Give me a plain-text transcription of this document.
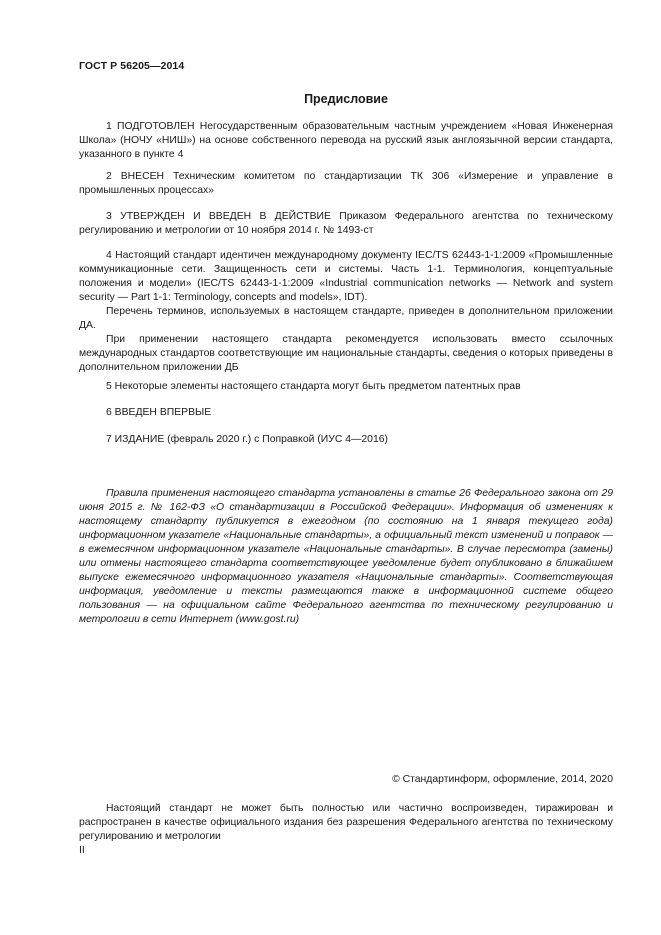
ГОСТ Р 56205—2014
Предисловие

1 ПОДГОТОВЛЕН Негосударственным образовательным частным учреждением «Новая Инженерная Школа» (НОЧУ «НИШ») на основе собственного перевода на русский язык англоязычной версии стандарта, указанного в пункте 4

2 ВНЕСЕН Техническим комитетом по стандартизации ТК 306 «Измерение и управление в промышленных процессах»

3 УТВЕРЖДЕН И ВВЕДЕН В ДЕЙСТВИЕ Приказом Федерального агентства по техническому регулированию и метрологии от 10 ноября 2014 г. № 1493-ст

4 Настоящий стандарт идентичен международному документу IEC/TS 62443-1-1:2009 «Промышленные коммуникационные сети. Защищенность сети и системы. Часть 1-1. Терминология, концептуальные положения и модели» (IEC/TS 62443-1-1:2009 «Industrial communication networks — Network and system security — Part 1-1: Terminology, concepts and models», IDT).

Перечень терминов, используемых в настоящем стандарте, приведен в дополнительном приложении ДА.

При применении настоящего стандарта рекомендуется использовать вместо ссылочных международных стандартов соответствующие им национальные стандарты, сведения о которых приведены в дополнительном приложении ДБ

5 Некоторые элементы настоящего стандарта могут быть предметом патентных прав

6 ВВЕДЕН ВПЕРВЫЕ

7 ИЗДАНИЕ (февраль 2020 г.) с Поправкой (ИУС 4—2016)

Правила применения настоящего стандарта установлены в статье 26 Федерального закона от 29 июня 2015 г. № 162-ФЗ «О стандартизации в Российской Федерации». Информация об изменениях к настоящему стандарту публикуется в ежегодном (по состоянию на 1 января текущего года) информационном указателе «Национальные стандарты», а официальный текст изменений и поправок — в ежемесячном информационном указателе «Национальные стандарты». В случае пересмотра (замены) или отмены настоящего стандарта соответствующее уведомление будет опубликовано в ближайшем выпуске ежемесячного информационного указателя «Национальные стандарты». Соответствующая информация, уведомление и тексты размещаются также в информационной системе общего пользования — на официальном сайте Федерального агентства по техническому регулированию и метрологии в сети Интернет (www.gost.ru)

© Стандартинформ, оформление, 2014, 2020

Настоящий стандарт не может быть полностью или частично воспроизведен, тиражирован и распространен в качестве официального издания без разрешения Федерального агентства по техническому регулированию и метрологии

II
